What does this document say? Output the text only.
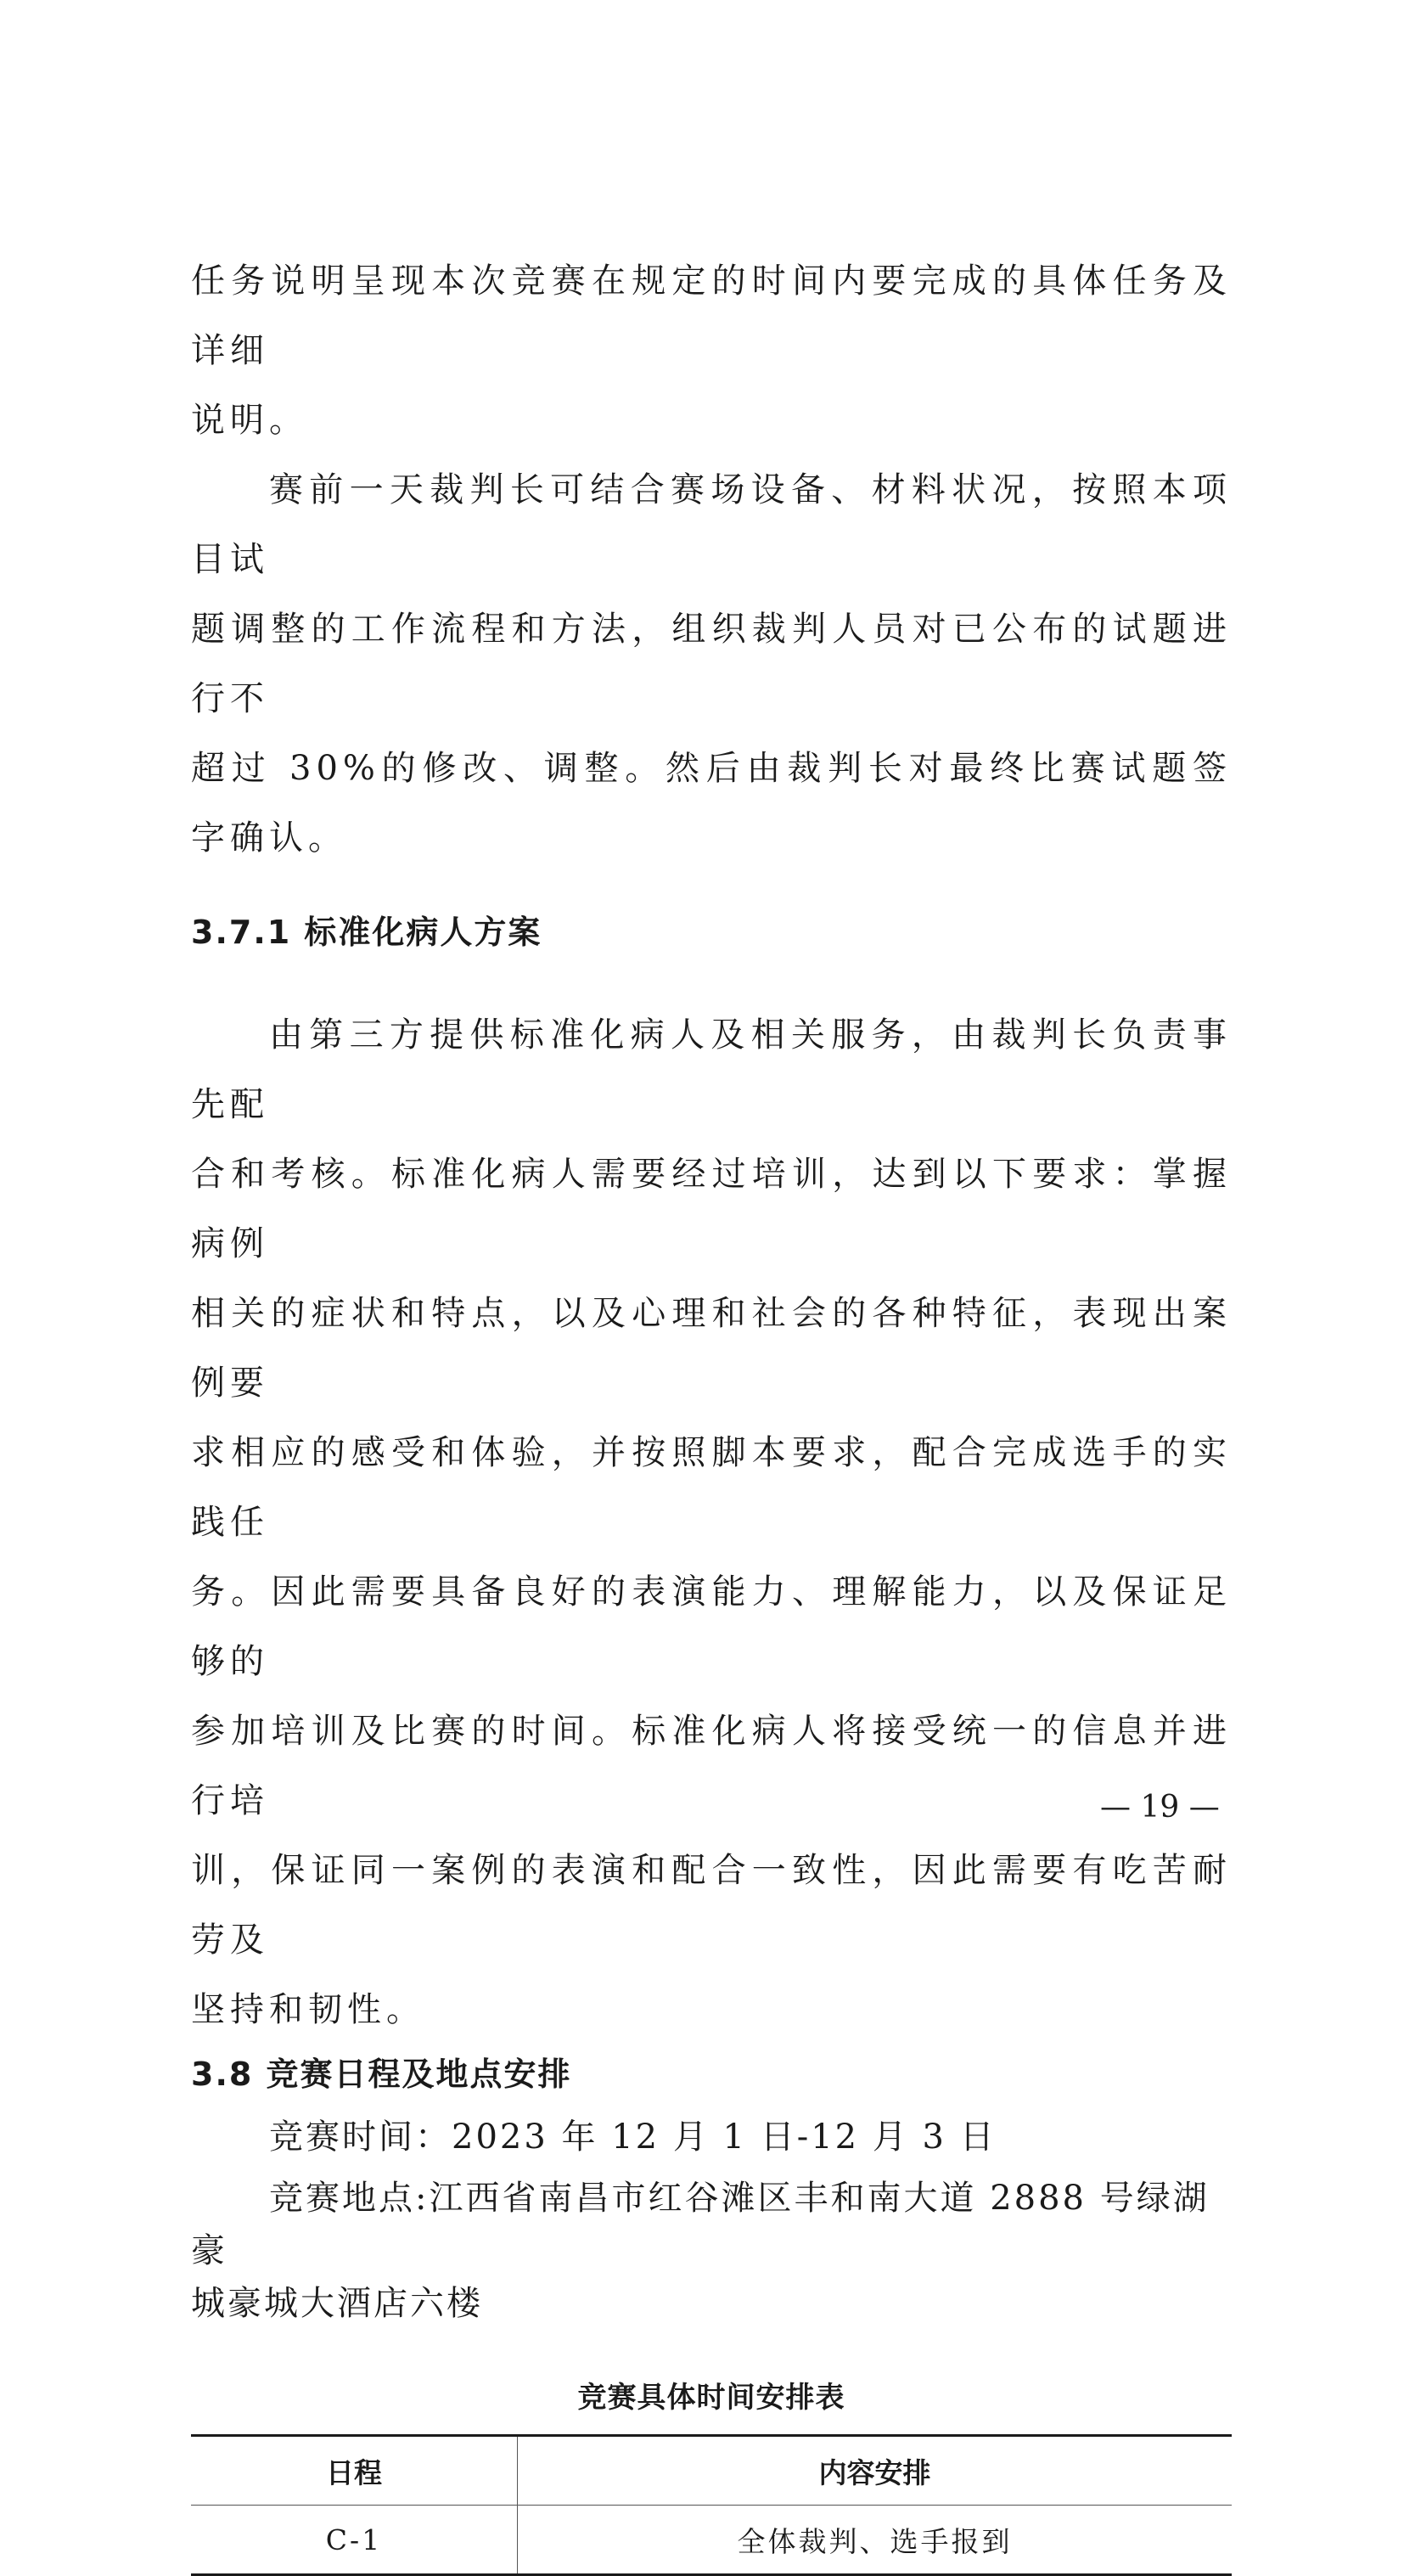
任务说明呈现本次竞赛在规定的时间内要完成的具体任务及详细
说明。

赛前一天裁判长可结合赛场设备、材料状况，按照本项目试
题调整的工作流程和方法，组织裁判人员对已公布的试题进行不
超过 30%的修改、调整。然后由裁判长对最终比赛试题签字确认。

3.7.1 标准化病人方案

由第三方提供标准化病人及相关服务，由裁判长负责事先配
合和考核。标准化病人需要经过培训，达到以下要求：掌握病例
相关的症状和特点，以及心理和社会的各种特征，表现出案例要
求相应的感受和体验，并按照脚本要求，配合完成选手的实践任
务。因此需要具备良好的表演能力、理解能力，以及保证足够的
参加培训及比赛的时间。标准化病人将接受统一的信息并进行培
训，保证同一案例的表演和配合一致性，因此需要有吃苦耐劳及
坚持和韧性。

3.8 竞赛日程及地点安排

竞赛时间：2023 年 12 月 1 日-12 月 3 日

竞赛地点:江西省南昌市红谷滩区丰和南大道 2888 号绿湖豪
城豪城大酒店六楼

竞赛具体时间安排表
日程	内容安排
C-1	全体裁判、选手报到
— 19 —
